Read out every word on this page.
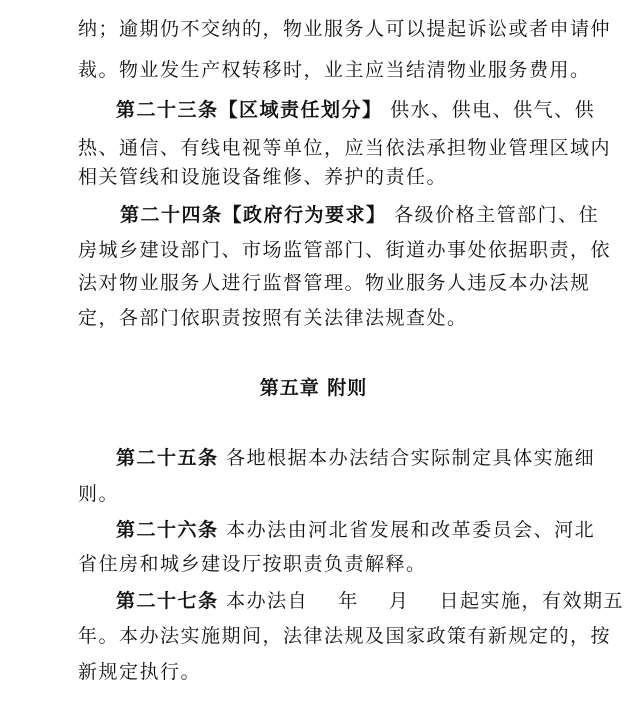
纳；逾期仍不交纳的，物业服务人可以提起诉讼或者申请仲
裁。物业发生产权转移时，业主应当结清物业服务费用。
第二十三条【区域责任划分】 供水、供电、供气、供
热、通信、有线电视等单位，应当依法承担物业管理区域内
相关管线和设施设备维修、养护的责任。
第二十四条【政府行为要求】 各级价格主管部门、住
房城乡建设部门、市场监管部门、街道办事处依据职责，依
法对物业服务人进行监督管理。物业服务人违反本办法规
定，各部门依职责按照有关法律法规查处。
第五章 附则
第二十五条 各地根据本办法结合实际制定具体实施细
则。
第二十六条 本办法由河北省发展和改革委员会、河北
省住房和城乡建设厅按职责负责解释。
第二十七条 本办法自    年    月    日起实施，有效期五
年。本办法实施期间，法律法规及国家政策有新规定的，按
新规定执行。
